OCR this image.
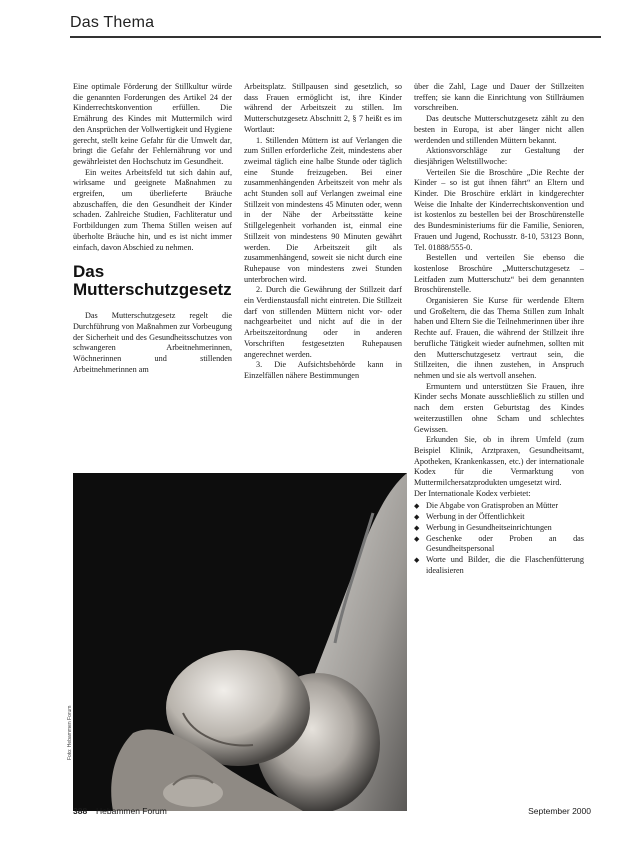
Das Thema

Eine optimale Förderung der Stillkultur würde die genannten Forderungen des Artikel 24 der Kinderrechtskonvention erfüllen. Die Ernährung des Kindes mit Muttermilch wird den Ansprüchen der Vollwertigkeit und Hygiene gerecht, stellt keine Gefahr für die Umwelt dar, bringt die Gefahr der Fehlernährung vor und gewährleistet den Hochschutz im Gesundheit.

Ein weites Arbeitsfeld tut sich dahin auf, wirksame und geeignete Maßnahmen zu ergreifen, um überlieferte Bräuche abzuschaffen, die den Gesundheit der Kinder schaden. Zahlreiche Studien, Fachliteratur und Fortbildungen zum Thema Stillen weisen auf überholte Bräuche hin, und es ist nicht immer einfach, davon Abschied zu nehmen.

Das Mutterschutzgesetz

Das Mutterschutzgesetz regelt die Durchführung von Maßnahmen zur Vorbeugung der Sicherheit und des Gesundheitsschutzes von schwangeren Arbeitnehmerinnen, Wöchnerinnen und stillenden Arbeitnehmerinnen am

Arbeitsplatz. Stillpausen sind gesetzlich, so dass Frauen ermöglicht ist, ihre Kinder während der Arbeitszeit zu stillen. Im Mutterschutzgesetz Abschnitt 2, § 7 heißt es im Wortlaut:

1. Stillenden Müttern ist auf Verlangen die zum Stillen erforderliche Zeit, mindestens aber zweimal täglich eine halbe Stunde oder täglich eine Stunde freizugeben. Bei einer zusammenhängenden Arbeitszeit von mehr als acht Stunden soll auf Verlangen zweimal eine Stillzeit von mindestens 45 Minuten oder, wenn in der Nähe der Arbeitsstätte keine Stillgelegenheit vorhanden ist, einmal eine Stillzeit von mindestens 90 Minuten gewährt werden. Die Arbeitszeit gilt als zusammenhängend, soweit sie nicht durch eine Ruhepause von mindestens zwei Stunden unterbrochen wird.

2. Durch die Gewährung der Stillzeit darf ein Verdienstausfall nicht eintreten. Die Stillzeit darf von stillenden Müttern nicht vor- oder nachgearbeitet und nicht auf die in der Arbeitszeitordnung oder in anderen Vorschriften festgesetzten Ruhepausen angerechnet werden.

3. Die Aufsichtsbehörde kann in Einzelfällen nähere Bestimmungen

über die Zahl, Lage und Dauer der Stillzeiten treffen; sie kann die Einrichtung von Stillräumen vorschreiben.

Das deutsche Mutterschutzgesetz zählt zu den besten in Europa, ist aber länger nicht allen werdenden und stillenden Müttern bekannt.

Aktionsvorschläge zur Gestaltung der diesjährigen Weltstillwoche:

Verteilen Sie die Broschüre „Die Rechte der Kinder – so ist gut ihnen fährt“ an Eltern und Kinder. Die Broschüre erklärt in kindgerechter Weise die Inhalte der Kinderrechtskonvention und ist kostenlos zu bestellen bei der Broschürenstelle des Bundesministeriums für die Familie, Senioren, Frauen und Jugend, Rochusstr. 8-10, 53123 Bonn, Tel. 01888/555-0.

Bestellen und verteilen Sie ebenso die kostenlose Broschüre „Mutterschutzgesetz – Leitfaden zum Mutterschutz“ bei dem genannten Broschürenstelle.

Organisieren Sie Kurse für werdende Eltern und Großeltern, die das Thema Stillen zum Inhalt haben und Eltern Sie die Teilnehmerinnen über ihre Rechte auf. Frauen, die während der Stillzeit ihre berufliche Tätigkeit wieder aufnehmen, sollten mit den Mutterschutzgesetz vertraut sein, die Stillzeiten, die ihnen zustehen, in Anspruch nehmen und sie als wertvoll ansehen.

Ermuntern und unterstützen Sie Frauen, ihre Kinder sechs Monate ausschließlich zu stillen und nach dem ersten Geburtstag des Kindes weiterzustillen ohne Scham und schlechtes Gewissen.

Erkunden Sie, ob in ihrem Umfeld (zum Beispiel Klinik, Arztpraxen, Gesundheitsamt, Apotheken, Krankenkassen, etc.) der internationale Kodex für die Vermarktung von Muttermilchersatzprodukten umgesetzt wird.

Der Internationale Kodex verbietet:

◆ Die Abgabe von Gratisproben an Mütter
◆ Werbung in der Öffentlichkeit
◆ Werbung in Gesundheitseinrichtungen
◆ Geschenke oder Proben an das Gesundheitspersonal
◆ Worte und Bilder, die die Flaschenfütterung idealisieren
Foto: Hebammen Forum
388 Hebammen Forum	September 2000
